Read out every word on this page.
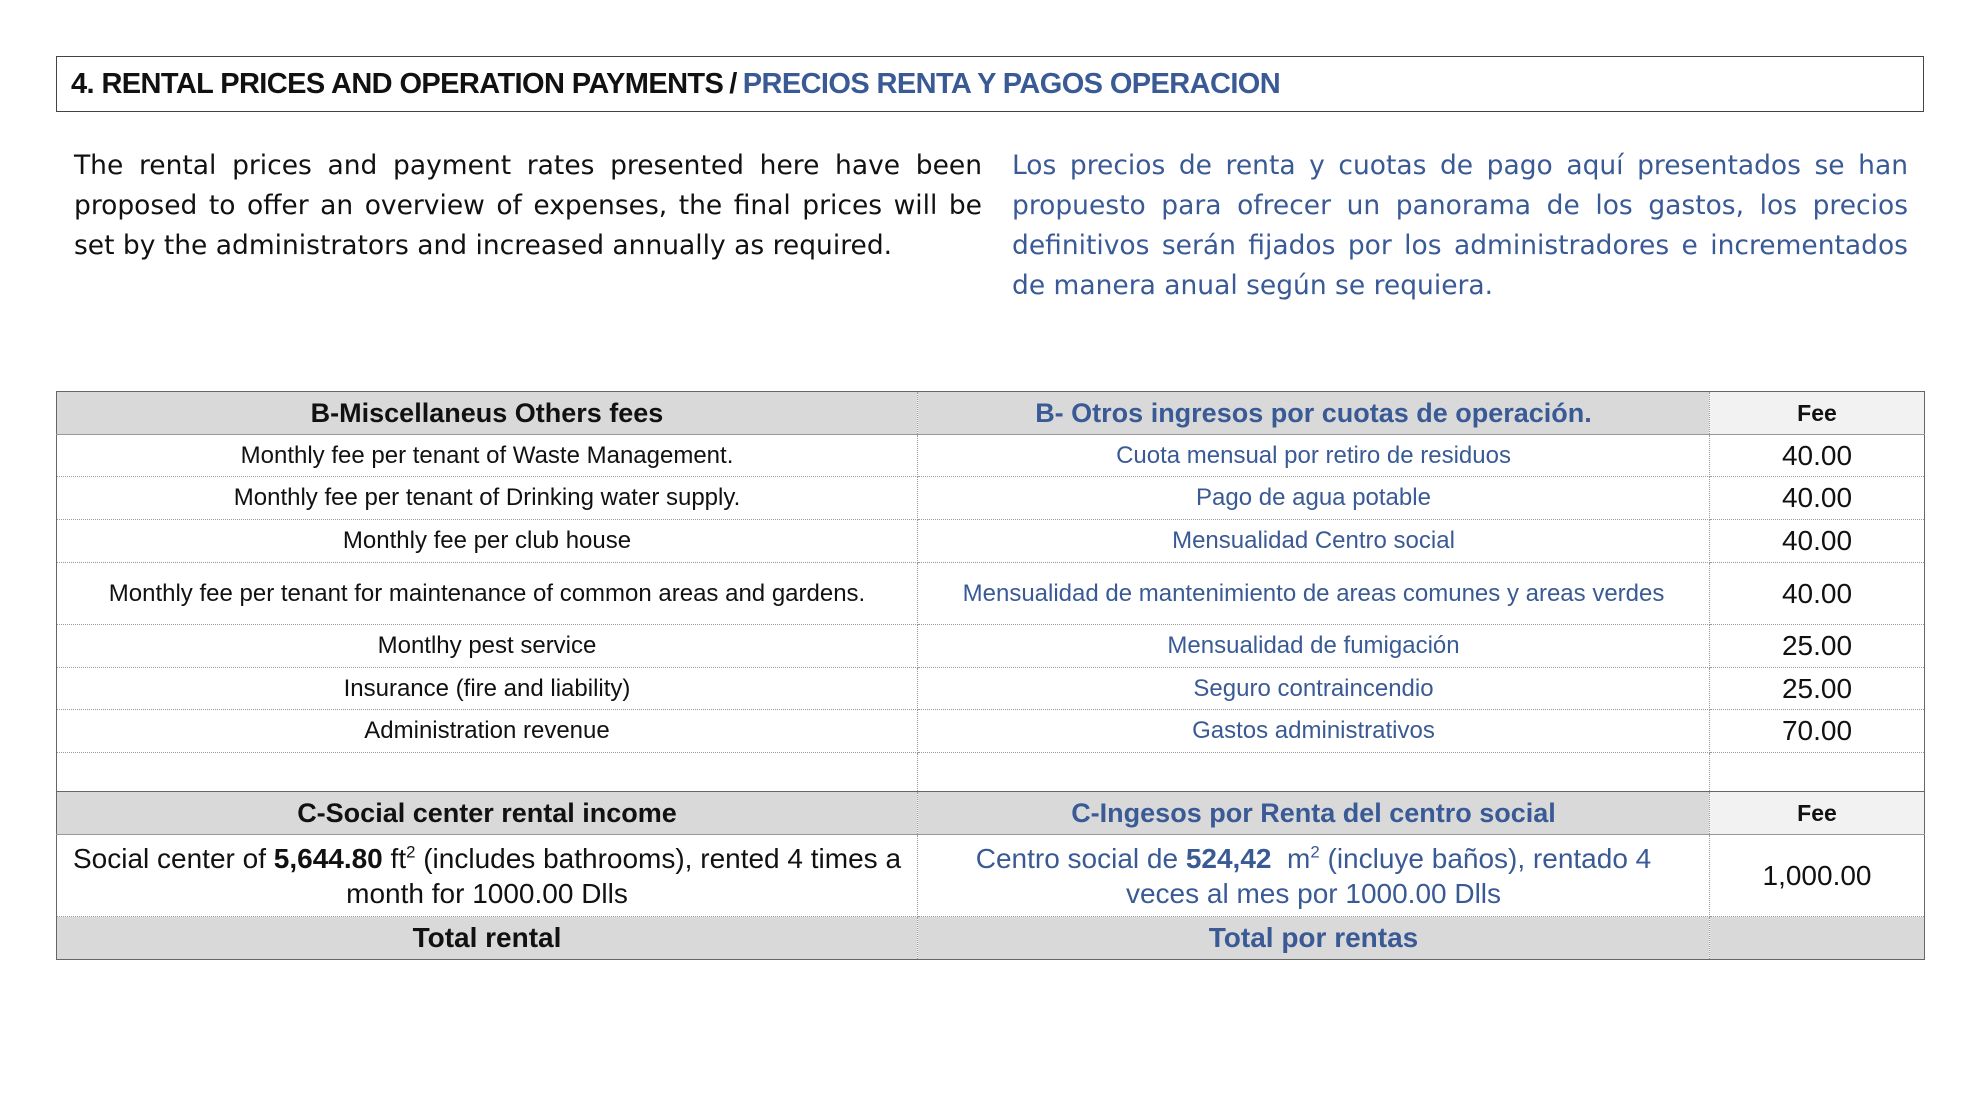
4. RENTAL PRICES AND OPERATION PAYMENTS / PRECIOS RENTA Y PAGOS OPERACION

The rental prices and payment rates presented here have been proposed to offer an overview of expenses, the final prices will be set by the administrators and increased annually as required.

Los precios de renta y cuotas de pago aquí presentados se han propuesto para ofrecer un panorama de los gastos, los precios definitivos serán fijados por los administradores e incrementados de manera anual según se requiera.

B-Miscellaneus Others fees	B- Otros ingresos por cuotas de operación.	Fee
Monthly fee per tenant of Waste Management.	Cuota mensual por retiro de residuos	40.00
Monthly fee per tenant of Drinking water supply.	Pago de agua potable	40.00
Monthly fee per club house	Mensualidad Centro social	40.00
Monthly fee per tenant for maintenance of common areas and gardens.	Mensualidad de mantenimiento de areas comunes y areas verdes	40.00
Montlhy pest service	Mensualidad de fumigación	25.00
Insurance (fire and liability)	Seguro contraincendio	25.00
Administration revenue	Gastos administrativos	70.00

C-Social center rental income	C-Ingesos por Renta del centro social	Fee
Social center of 5,644.80 $ft^2$ (includes bathrooms), rented 4 times a month for 1000.00 Dlls	Centro social de 524,42  $m^2$ (incluye baños), rentado 4 veces al mes por 1000.00 Dlls	1,000.00
Total rental	Total por rentas	
